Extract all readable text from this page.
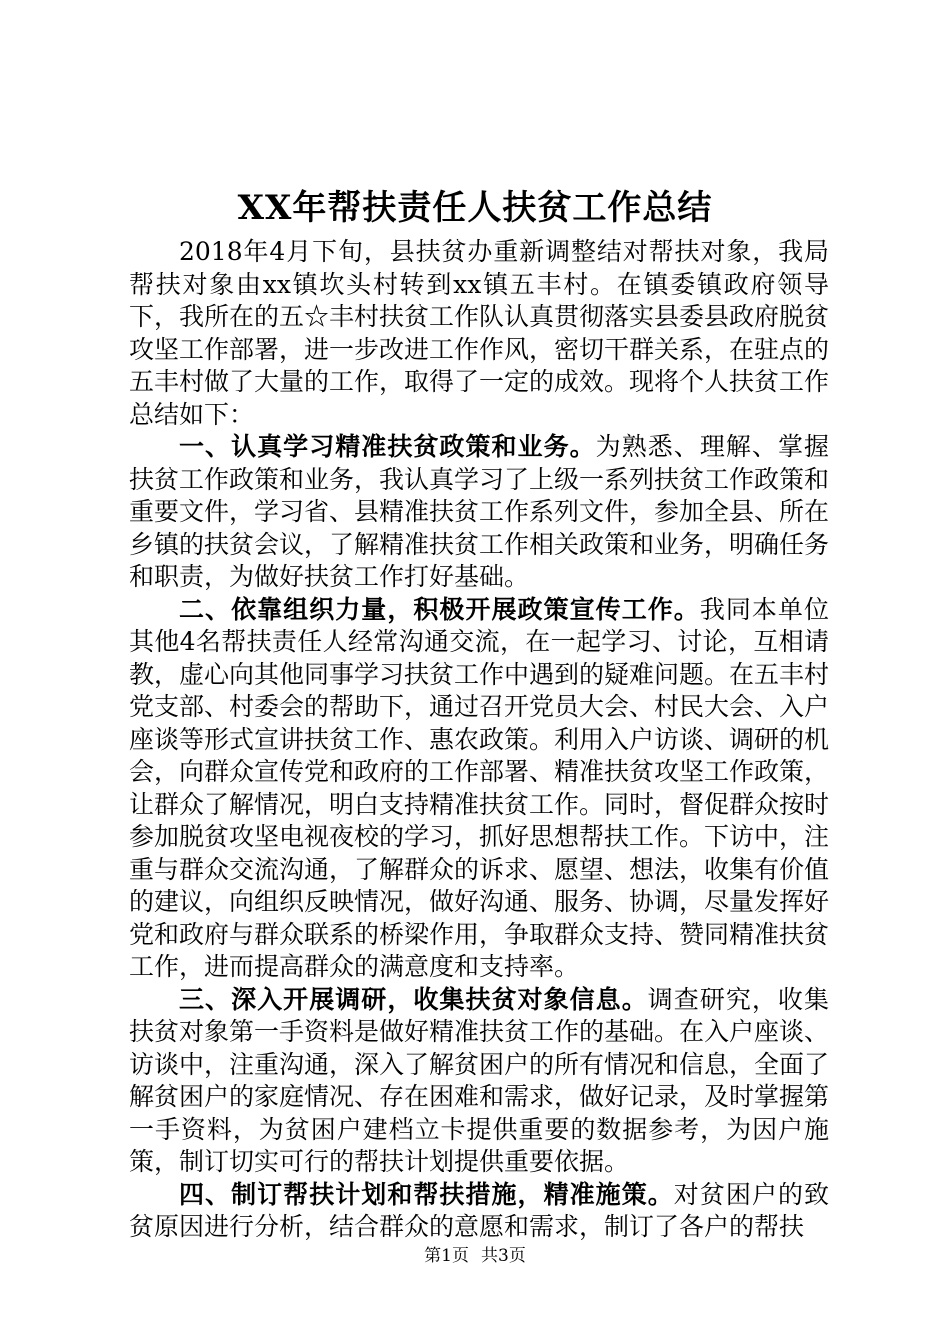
XX年帮扶责任人扶贫工作总结

2018年4月下旬，县扶贫办重新调整结对帮扶对象，我局帮扶对象由xx镇坎头村转到xx镇五丰村。在镇委镇政府领导下，我所在的五☆丰村扶贫工作队认真贯彻落实县委县政府脱贫攻坚工作部署，进一步改进工作作风，密切干群关系，在驻点的五丰村做了大量的工作，取得了一定的成效。现将个人扶贫工作总结如下：

一、认真学习精准扶贫政策和业务。为熟悉、理解、掌握扶贫工作政策和业务，我认真学习了上级一系列扶贫工作政策和重要文件，学习省、县精准扶贫工作系列文件，参加全县、所在乡镇的扶贫会议，了解精准扶贫工作相关政策和业务，明确任务和职责，为做好扶贫工作打好基础。

二、依靠组织力量，积极开展政策宣传工作。我同本单位其他4名帮扶责任人经常沟通交流，在一起学习、讨论，互相请教，虚心向其他同事学习扶贫工作中遇到的疑难问题。在五丰村党支部、村委会的帮助下，通过召开党员大会、村民大会、入户座谈等形式宣讲扶贫工作、惠农政策。利用入户访谈、调研的机会，向群众宣传党和政府的工作部署、精准扶贫攻坚工作政策，让群众了解情况，明白支持精准扶贫工作。同时，督促群众按时参加脱贫攻坚电视夜校的学习，抓好思想帮扶工作。下访中，注重与群众交流沟通，了解群众的诉求、愿望、想法，收集有价值的建议，向组织反映情况，做好沟通、服务、协调，尽量发挥好党和政府与群众联系的桥梁作用，争取群众支持、赞同精准扶贫工作，进而提高群众的满意度和支持率。

三、深入开展调研，收集扶贫对象信息。调查研究，收集扶贫对象第一手资料是做好精准扶贫工作的基础。在入户座谈、访谈中，注重沟通，深入了解贫困户的所有情况和信息，全面了解贫困户的家庭情况、存在困难和需求，做好记录，及时掌握第一手资料，为贫困户建档立卡提供重要的数据参考，为因户施策，制订切实可行的帮扶计划提供重要依据。

四、制订帮扶计划和帮扶措施，精准施策。对贫困户的致贫原因进行分析，结合群众的意愿和需求，制订了各户的帮扶

第1页 共3页
